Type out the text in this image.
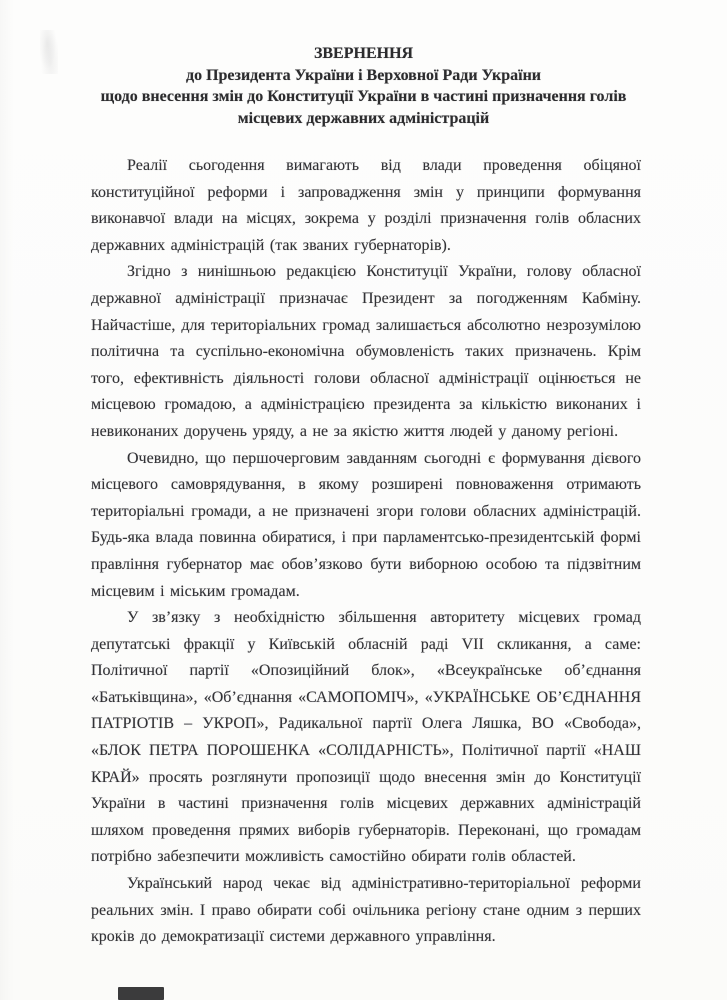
ЗВЕРНЕННЯ
до Президента України і Верховної Ради України
щодо внесення змін до Конституції України в частині призначення голів
місцевих державних адміністрацій

Реалії сьогодення вимагають від влади проведення обіцяної конституційної реформи і запровадження змін у принципи формування виконавчої влади на місцях, зокрема у розділі призначення голів обласних державних адміністрацій (так званих губернаторів).

Згідно з нинішньою редакцією Конституції України, голову обласної державної адміністрації призначає Президент за погодженням Кабміну. Найчастіше, для територіальних громад залишається абсолютно незрозумілою політична та суспільно-економічна обумовленість таких призначень. Крім того, ефективність діяльності голови обласної адміністрації оцінюється не місцевою громадою, а адміністрацією президента за кількістю виконаних і невиконаних доручень уряду, а не за якістю життя людей у даному регіоні.

Очевидно, що першочерговим завданням сьогодні є формування дієвого місцевого самоврядування, в якому розширені повноваження отримають територіальні громади, а не призначені згори голови обласних адміністрацій. Будь-яка влада повинна обиратися, і при парламентсько-президентській формі правління губернатор має обов’язково бути виборною особою та підзвітним місцевим і міським громадам.

У зв’язку з необхідністю збільшення авторитету місцевих громад депутатські фракції у Київській обласній раді VII скликання, а саме: Політичної партії «Опозиційний блок», «Всеукраїнське об’єднання «Батьківщина», «Об’єднання «САМОПОМІЧ», «УКРАЇНСЬКЕ ОБ’ЄДНАННЯ ПАТРІОТІВ – УКРОП», Радикальної партії Олега Ляшка, ВО «Свобода», «БЛОК ПЕТРА ПОРОШЕНКА «СОЛІДАРНІСТЬ», Політичної партії «НАШ КРАЙ» просять розглянути пропозиції щодо внесення змін до Конституції України в частині призначення голів місцевих державних адміністрацій шляхом проведення прямих виборів губернаторів. Переконані, що громадам потрібно забезпечити можливість самостійно обирати голів областей.

Український народ чекає від адміністративно-територіальної реформи реальних змін. І право обирати собі очільника регіону стане одним з перших кроків до демократизації системи державного управління.
